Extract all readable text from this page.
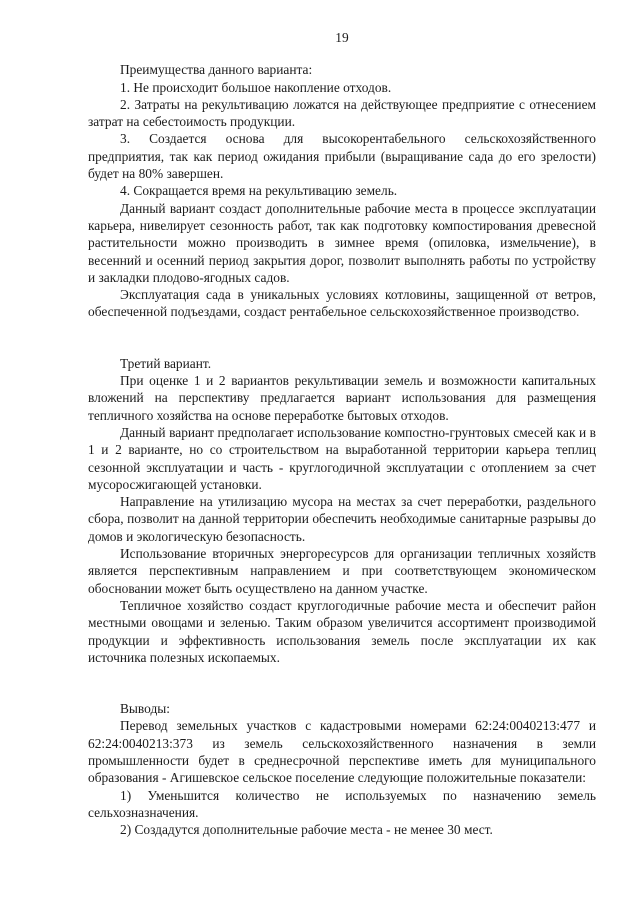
19

Преимущества данного варианта:

1. Не происходит большое накопление отходов.

2. Затраты на рекультивацию ложатся на действующее предприятие с отнесением затрат на себестоимость продукции.

3. Создается основа для высокорентабельного сельскохозяйственного предприятия, так как период ожидания прибыли (выращивание сада до его зрелости) будет на 80% завершен.

4. Сокращается время на рекультивацию земель.

Данный вариант создаст дополнительные рабочие места в процессе эксплуатации карьера, нивелирует сезонность работ, так как подготовку компостирования древесной растительности можно производить в зимнее время (опиловка, измельчение), в весенний и осенний период закрытия дорог, позволит выполнять работы по устройству и закладки плодово-ягодных садов.

Эксплуатация сада в уникальных условиях котловины, защищенной от ветров, обеспеченной подъездами, создаст рентабельное сельскохозяйственное производство.

Третий вариант.

При оценке 1 и 2 вариантов рекультивации земель и возможности капитальных вложений на перспективу предлагается вариант использования для размещения тепличного хозяйства на основе переработке бытовых отходов.

Данный вариант предполагает использование компостно-грунтовых смесей как и в 1 и 2 варианте, но со строительством на выработанной территории карьера теплиц сезонной эксплуатации и часть - круглогодичной эксплуатации с отоплением за счет мусоросжигающей установки.

Направление на утилизацию мусора на местах за счет переработки, раздельного сбора, позволит на данной территории обеспечить необходимые санитарные разрывы до домов и экологическую безопасность.

Использование вторичных энергоресурсов для организации тепличных хозяйств является перспективным направлением и при соответствующем экономическом обосновании может быть осуществлено на данном участке.

Тепличное хозяйство создаст круглогодичные рабочие места и обеспечит район местными овощами и зеленью. Таким образом увеличится ассортимент производимой продукции и эффективность использования земель после эксплуатации их как источника полезных ископаемых.

Выводы:

Перевод земельных участков с кадастровыми номерами 62:24:0040213:477 и 62:24:0040213:373 из земель сельскохозяйственного назначения в земли промышленности будет в среднесрочной перспективе иметь для муниципального образования - Агишевское сельское поселение следующие положительные показатели:

1) Уменьшится количество не используемых по назначению земель сельхозназначения.

2) Создадутся дополнительные рабочие места - не менее 30 мест.
